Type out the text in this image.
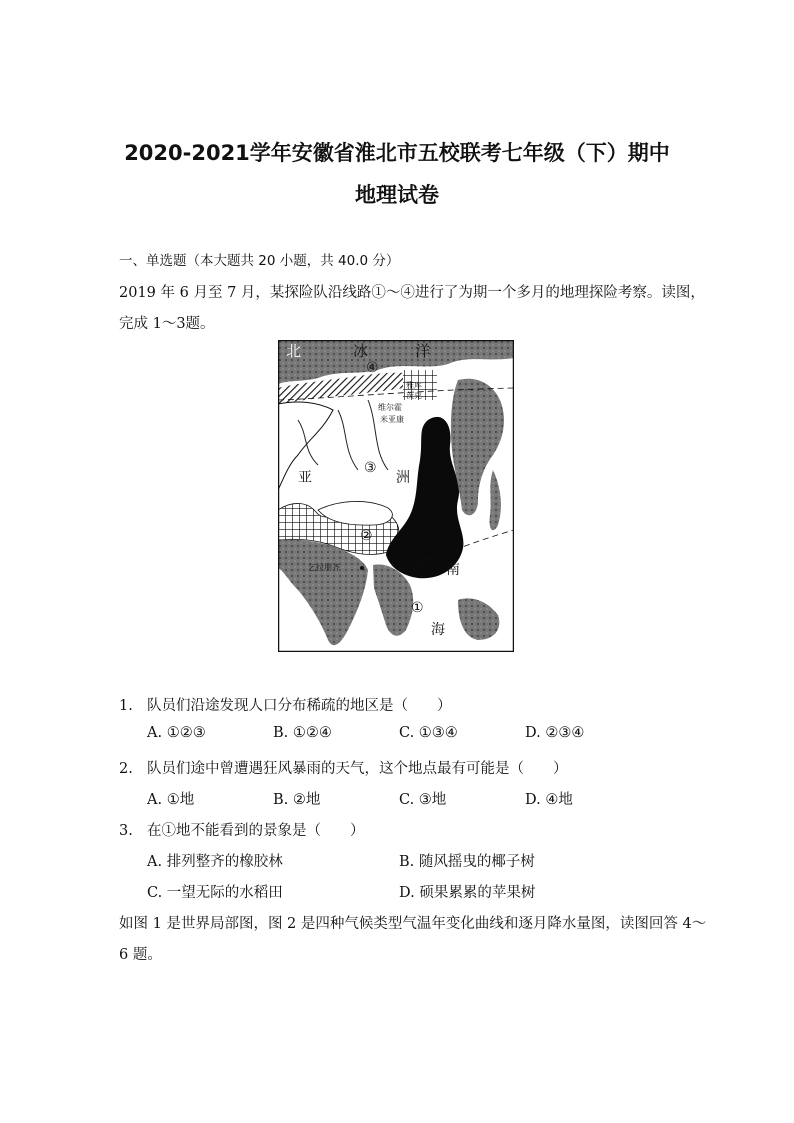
2020-2021学年安徽省淮北市五校联考七年级（下）期中
地理试卷
一、单选题（本大题共 20 小题，共 40.0 分）
2019 年 6 月至 7 月，某探险队沿线路①～④进行了为期一个多月的地理探险考察。读图，
完成 1～3题。
北	冰	洋
亚	洲
南
海
雅库
茨克
维尔霍
米亚康
乞拉朋齐
④
③
②
①
1. 队员们沿途发现人口分布稀疏的地区是（　　）
A. ①②③	B. ①②④	C. ①③④	D. ②③④
2. 队员们途中曾遭遇狂风暴雨的天气，这个地点最有可能是（　　）
A. ①地	B. ②地	C. ③地	D. ④地
3. 在①地不能看到的景象是（　　）
A. 排列整齐的橡胶林	B. 随风摇曳的椰子树
C. 一望无际的水稻田	D. 硕果累累的苹果树
如图 1 是世界局部图，图 2 是四种气候类型气温年变化曲线和逐月降水量图，读图回答 4～
6 题。
